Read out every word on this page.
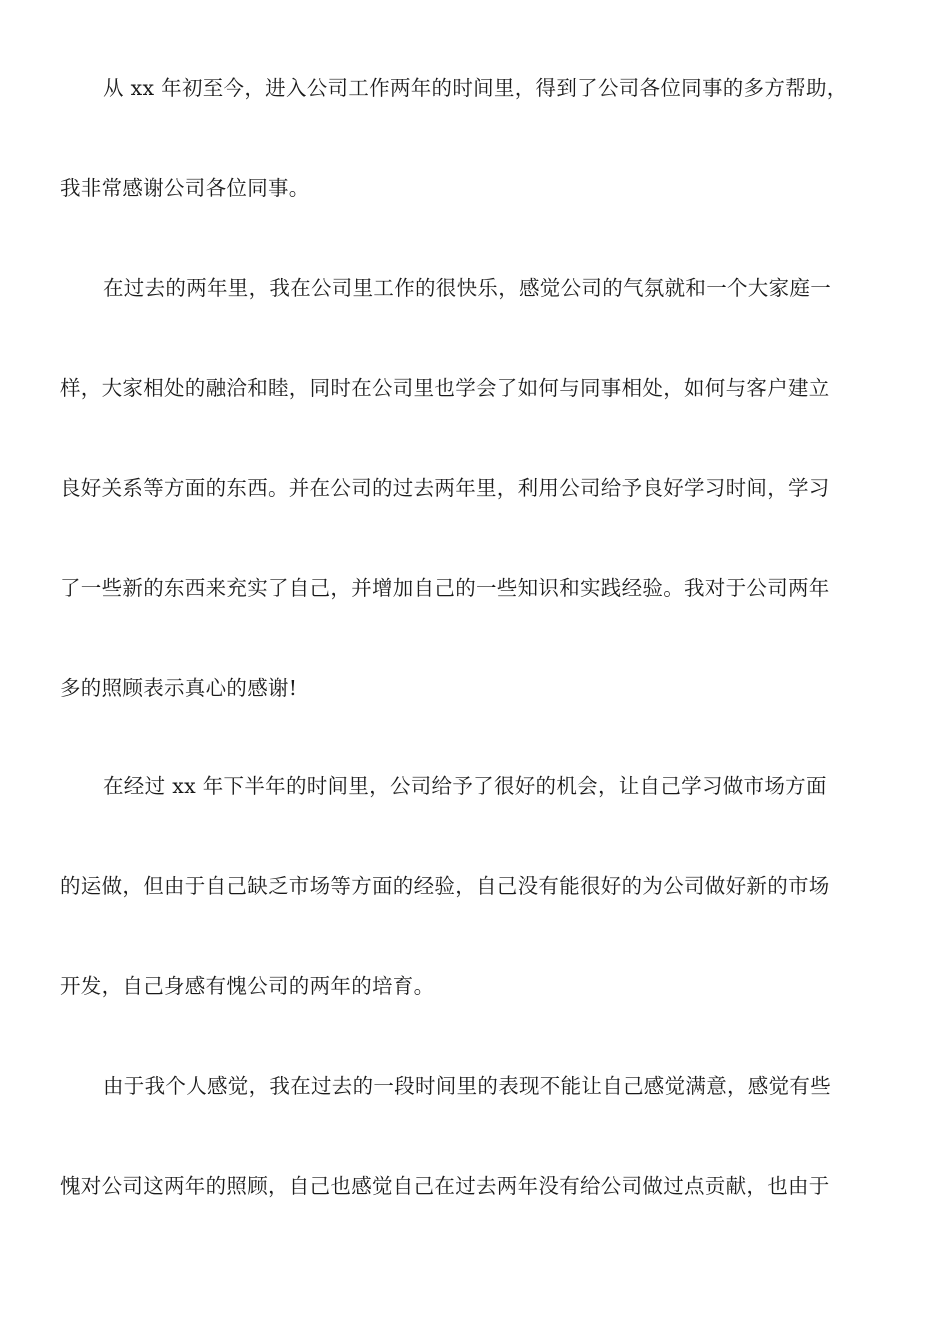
从 xx 年初至今，进入公司工作两年的时间里，得到了公司各位同事的多方帮助，
我非常感谢公司各位同事。
在过去的两年里，我在公司里工作的很快乐，感觉公司的气氛就和一个大家庭一
样，大家相处的融洽和睦，同时在公司里也学会了如何与同事相处，如何与客户建立
良好关系等方面的东西。并在公司的过去两年里，利用公司给予良好学习时间，学习
了一些新的东西来充实了自己，并增加自己的一些知识和实践经验。我对于公司两年
多的照顾表示真心的感谢!
在经过 xx 年下半年的时间里，公司给予了很好的机会，让自己学习做市场方面
的运做，但由于自己缺乏市场等方面的经验，自己没有能很好的为公司做好新的市场
开发，自己身感有愧公司的两年的培育。
由于我个人感觉，我在过去的一段时间里的表现不能让自己感觉满意，感觉有些
愧对公司这两年的照顾，自己也感觉自己在过去两年没有给公司做过点贡献，也由于
